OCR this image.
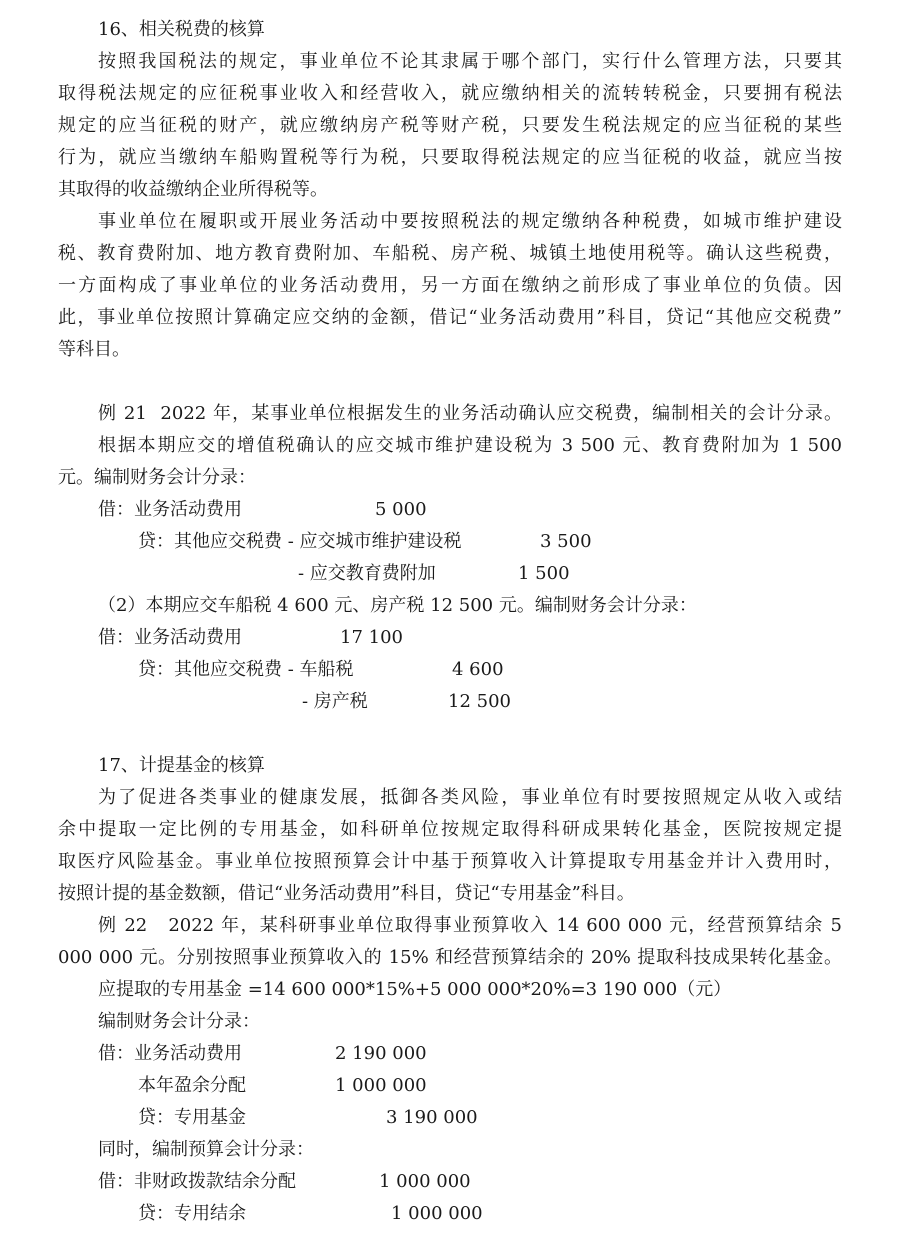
16、相关税费的核算
按照我国税法的规定，事业单位不论其隶属于哪个部门，实行什么管理方法，只要其
取得税法规定的应征税事业收入和经营收入，就应缴纳相关的流转转税金，只要拥有税法
规定的应当征税的财产，就应缴纳房产税等财产税，只要发生税法规定的应当征税的某些
行为，就应当缴纳车船购置税等行为税，只要取得税法规定的应当征税的收益，就应当按
其取得的收益缴纳企业所得税等。
事业单位在履职或开展业务活动中要按照税法的规定缴纳各种税费，如城市维护建设
税、教育费附加、地方教育费附加、车船税、房产税、城镇土地使用税等。确认这些税费，
一方面构成了事业单位的业务活动费用，另一方面在缴纳之前形成了事业单位的负债。因
此，事业单位按照计算确定应交纳的金额，借记“业务活动费用”科目，贷记“其他应交税费”
等科目。
例 21  2022 年，某事业单位根据发生的业务活动确认应交税费，编制相关的会计分录。
根据本期应交的增值税确认的应交城市维护建设税为 3 500 元、教育费附加为 1 500
元。编制财务会计分录：
借：业务活动费用	5 000
贷：其他应交税费 - 应交城市维护建设税	3 500
- 应交教育费附加	1 500
（2）本期应交车船税 4 600 元、房产税 12 500 元。编制财务会计分录：
借：业务活动费用	17 100
贷：其他应交税费 - 车船税	4 600
- 房产税	12 500
17、计提基金的核算
为了促进各类事业的健康发展，抵御各类风险，事业单位有时要按照规定从收入或结
余中提取一定比例的专用基金，如科研单位按规定取得科研成果转化基金，医院按规定提
取医疗风险基金。事业单位按照预算会计中基于预算收入计算提取专用基金并计入费用时，
按照计提的基金数额，借记“业务活动费用”科目，贷记“专用基金”科目。
例 22   2022 年，某科研事业单位取得事业预算收入 14 600 000 元，经营预算结余 5
000 000 元。分别按照事业预算收入的 15% 和经营预算结余的 20% 提取科技成果转化基金。
应提取的专用基金 =14 600 000*15%+5 000 000*20%=3 190 000（元）
编制财务会计分录：
借：业务活动费用	2 190 000
本年盈余分配	1 000 000
贷：专用基金	3 190 000
同时，编制预算会计分录：
借：非财政拨款结余分配	1 000 000
贷：专用结余	1 000 000
